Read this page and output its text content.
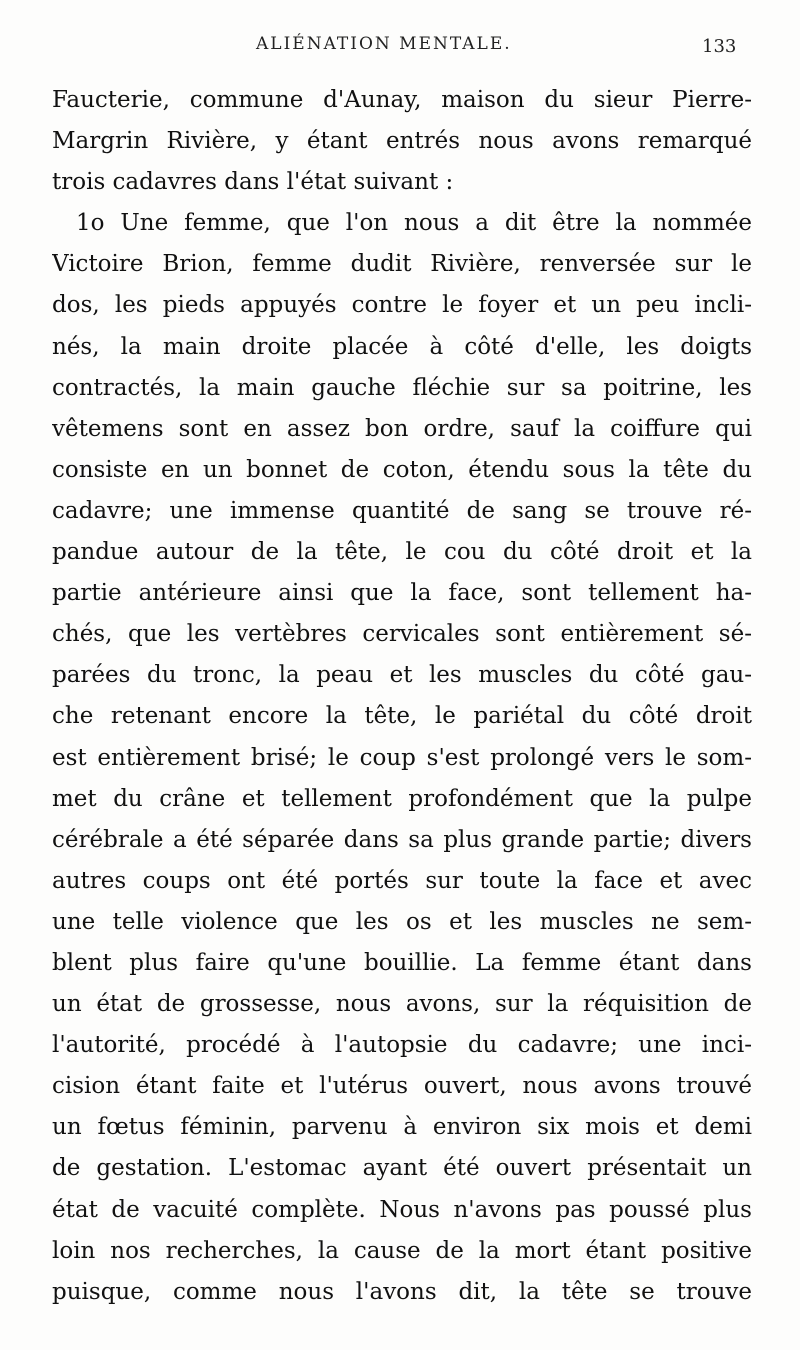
ALIÉNATION MENTALE.	133
Faucterie, commune d'Aunay, maison du sieur Pierre-
Margrin Rivière, y étant entrés nous avons remarqué
trois cadavres dans l'état suivant :
1o Une femme, que l'on nous a dit être la nommée
Victoire Brion, femme dudit Rivière, renversée sur le
dos, les pieds appuyés contre le foyer et un peu incli-
nés, la main droite placée à côté d'elle, les doigts
contractés, la main gauche fléchie sur sa poitrine, les
vêtemens sont en assez bon ordre, sauf la coiffure qui
consiste en un bonnet de coton, étendu sous la tête du
cadavre; une immense quantité de sang se trouve ré-
pandue autour de la tête, le cou du côté droit et la
partie antérieure ainsi que la face, sont tellement ha-
chés, que les vertèbres cervicales sont entièrement sé-
parées du tronc, la peau et les muscles du côté gau-
che retenant encore la tête, le pariétal du côté droit
est entièrement brisé; le coup s'est prolongé vers le som-
met du crâne et tellement profondément que la pulpe
cérébrale a été séparée dans sa plus grande partie; divers
autres coups ont été portés sur toute la face et avec
une telle violence que les os et les muscles ne sem-
blent plus faire qu'une bouillie. La femme étant dans
un état de grossesse, nous avons, sur la réquisition de
l'autorité, procédé à l'autopsie du cadavre; une inci-
cision étant faite et l'utérus ouvert, nous avons trouvé
un fœtus féminin, parvenu à environ six mois et demi
de gestation. L'estomac ayant été ouvert présentait un
état de vacuité complète. Nous n'avons pas poussé plus
loin nos recherches, la cause de la mort étant positive
puisque, comme nous l'avons dit, la tête se trouve
